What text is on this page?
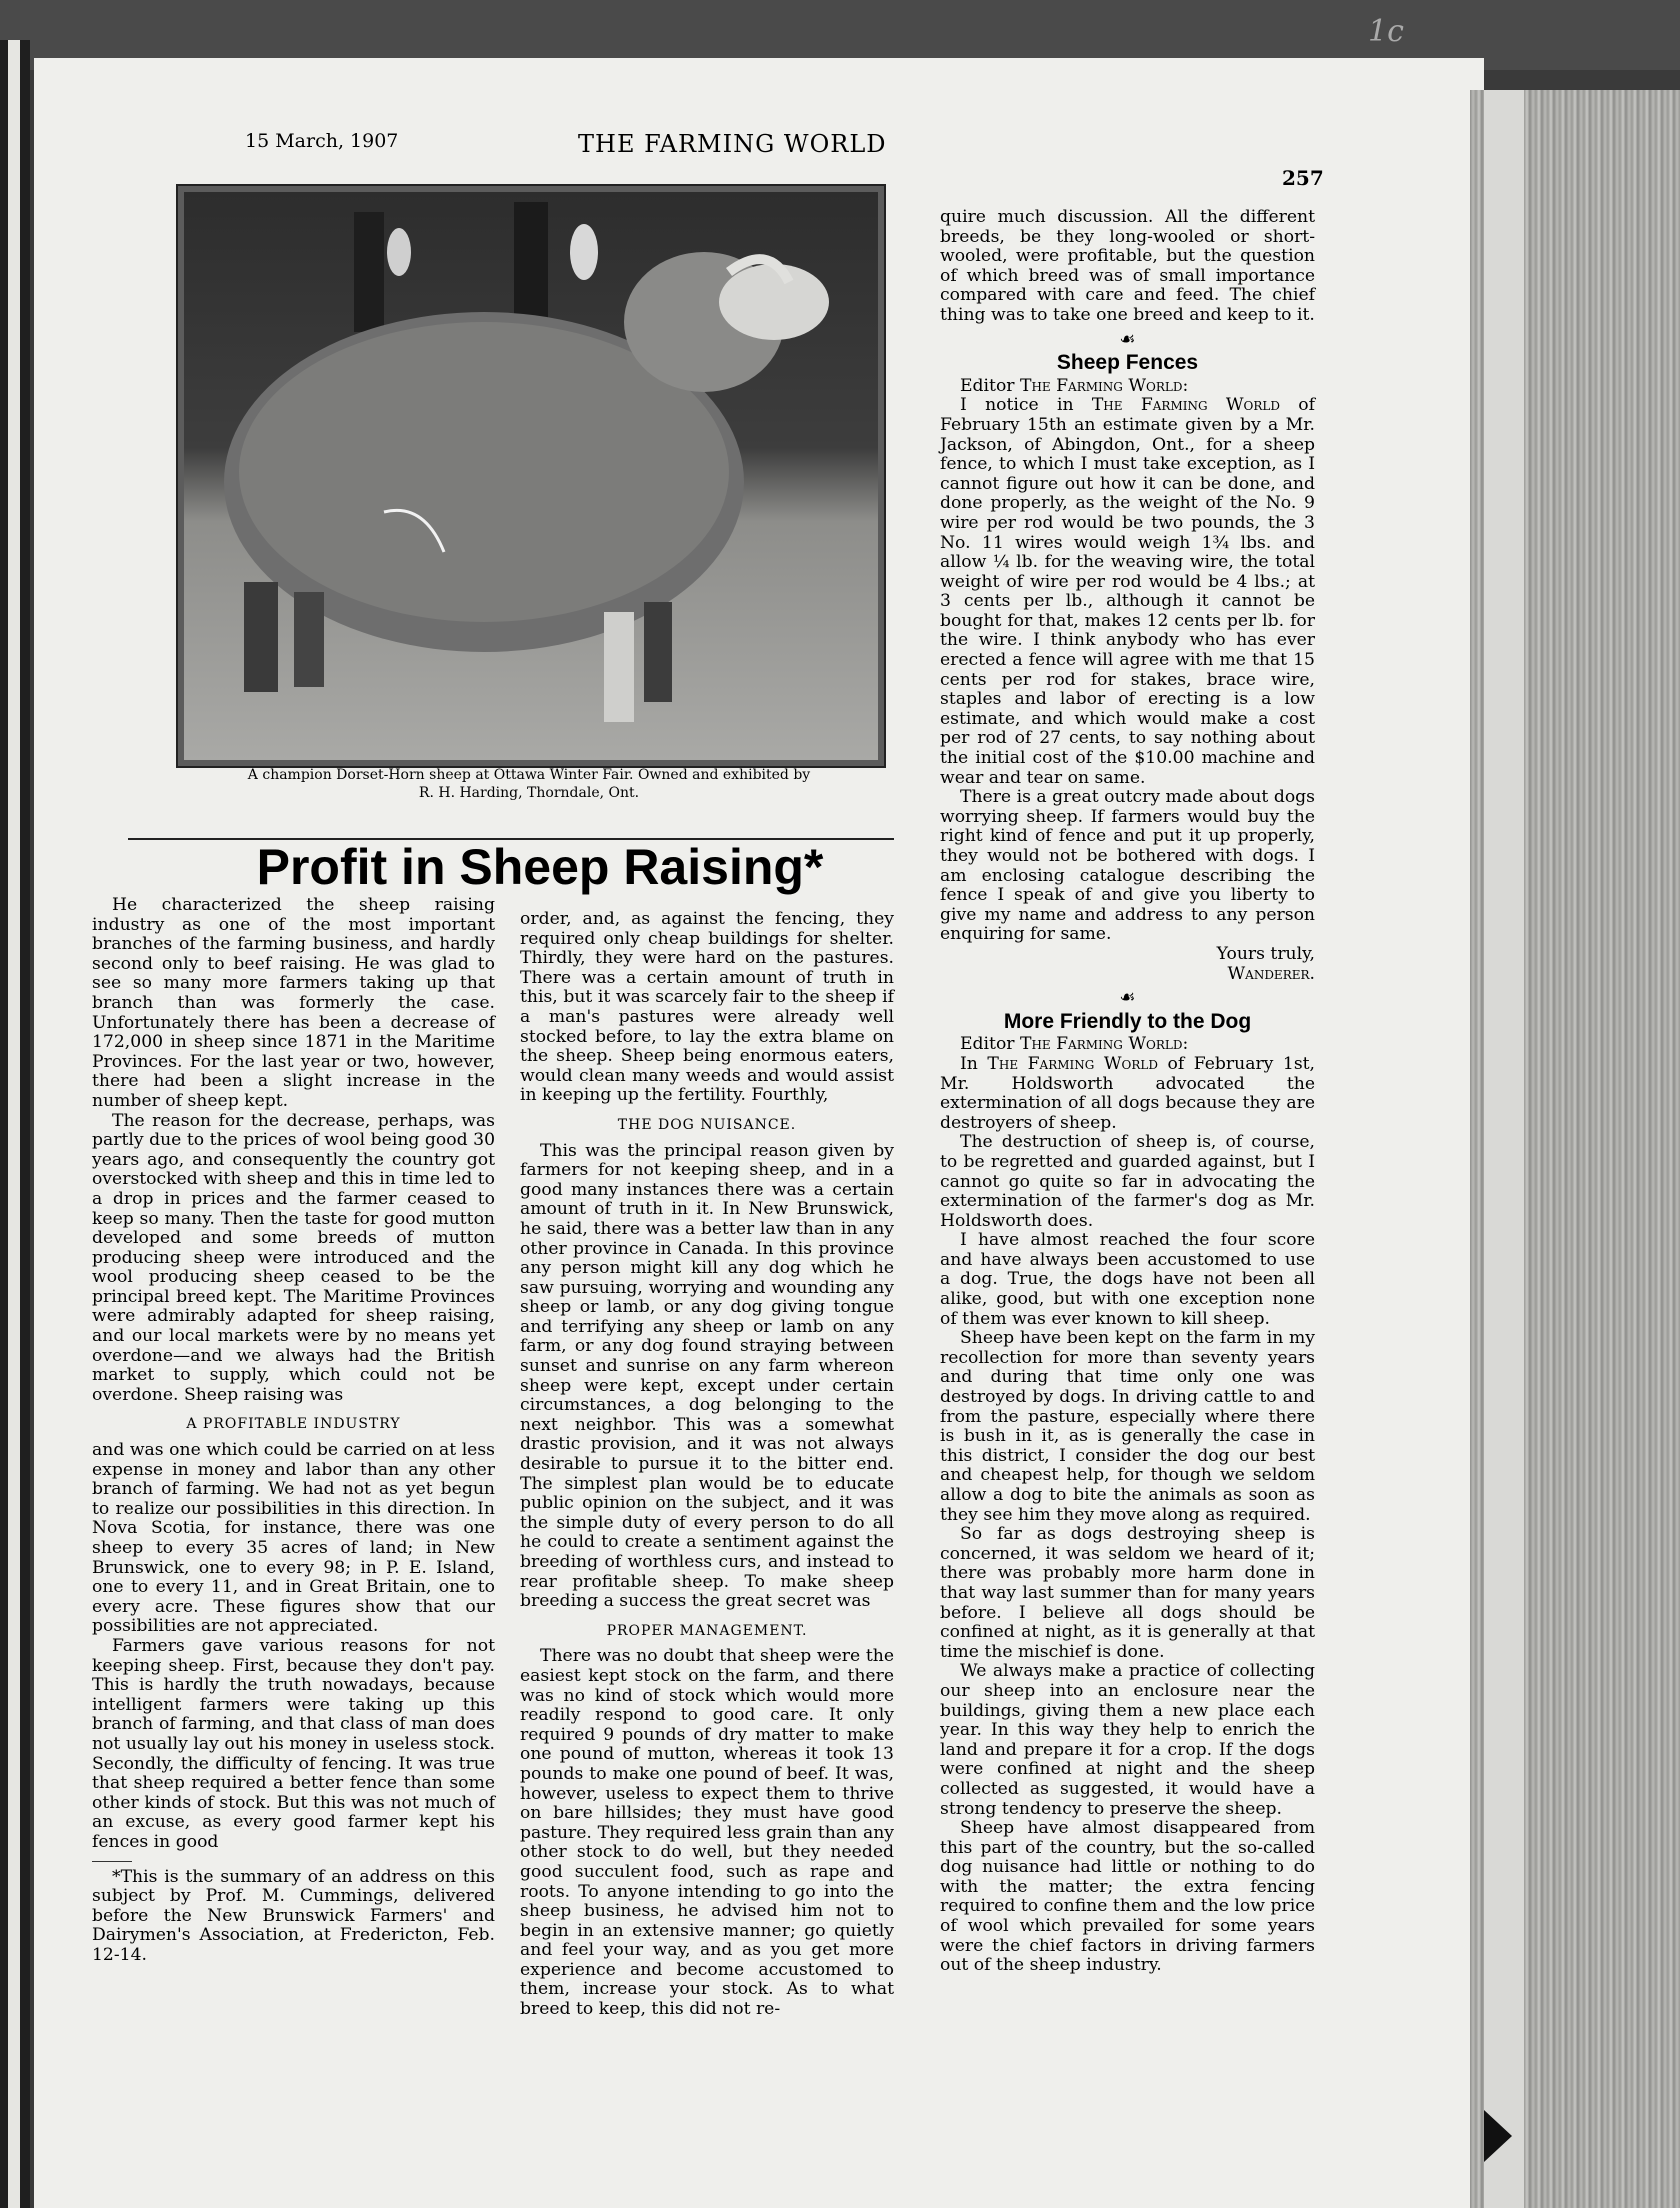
1c
15 March, 1907	THE FARMING WORLD
257
A champion Dorset-Horn sheep at Ottawa Winter Fair. Owned and exhibited by
R. H. Harding, Thorndale, Ont.
Profit in Sheep Raising*

He characterized the sheep raising industry as one of the most important branches of the farming business, and hardly second only to beef raising. He was glad to see so many more farmers taking up that branch than was formerly the case. Unfortunately there has been a decrease of 172,000 in sheep since 1871 in the Maritime Provinces. For the last year or two, however, there had been a slight increase in the number of sheep kept.

The reason for the decrease, perhaps, was partly due to the prices of wool being good 30 years ago, and consequently the country got overstocked with sheep and this in time led to a drop in prices and the farmer ceased to keep so many. Then the taste for good mutton developed and some breeds of mutton producing sheep were introduced and the wool producing sheep ceased to be the principal breed kept. The Maritime Provinces were admirably adapted for sheep raising, and our local markets were by no means yet overdone—and we always had the British market to supply, which could not be overdone. Sheep raising was

A PROFITABLE INDUSTRY

and was one which could be carried on at less expense in money and labor than any other branch of farming. We had not as yet begun to realize our possibilities in this direction. In Nova Scotia, for instance, there was one sheep to every 35 acres of land; in New Brunswick, one to every 98; in P. E. Island, one to every 11, and in Great Britain, one to every acre. These figures show that our possibilities are not appreciated.

Farmers gave various reasons for not keeping sheep. First, because they don't pay. This is hardly the truth nowadays, because intelligent farmers were taking up this branch of farming, and that class of man does not usually lay out his money in useless stock. Secondly, the difficulty of fencing. It was true that sheep required a better fence than some other kinds of stock. But this was not much of an excuse, as every good farmer kept his fences in good

*This is the summary of an address on this subject by Prof. M. Cummings, delivered before the New Brunswick Farmers' and Dairymen's Association, at Fredericton, Feb. 12-14.

order, and, as against the fencing, they required only cheap buildings for shelter. Thirdly, they were hard on the pastures. There was a certain amount of truth in this, but it was scarcely fair to the sheep if a man's pastures were already well stocked before, to lay the extra blame on the sheep. Sheep being enormous eaters, would clean many weeds and would assist in keeping up the fertility. Fourthly,

THE DOG NUISANCE.

This was the principal reason given by farmers for not keeping sheep, and in a good many instances there was a certain amount of truth in it. In New Brunswick, he said, there was a better law than in any other province in Canada. In this province any person might kill any dog which he saw pursuing, worrying and wounding any sheep or lamb, or any dog giving tongue and terrifying any sheep or lamb on any farm, or any dog found straying between sunset and sunrise on any farm whereon sheep were kept, except under certain circumstances, a dog belonging to the next neighbor. This was a somewhat drastic provision, and it was not always desirable to pursue it to the bitter end. The simplest plan would be to educate public opinion on the subject, and it was the simple duty of every person to do all he could to create a sentiment against the breeding of worthless curs, and instead to rear profitable sheep. To make sheep breeding a success the great secret was

PROPER MANAGEMENT.

There was no doubt that sheep were the easiest kept stock on the farm, and there was no kind of stock which would more readily respond to good care. It only required 9 pounds of dry matter to make one pound of mutton, whereas it took 13 pounds to make one pound of beef. It was, however, useless to expect them to thrive on bare hillsides; they must have good pasture. They required less grain than any other stock to do well, but they needed good succulent food, such as rape and roots. To anyone intending to go into the sheep business, he advised him not to begin in an extensive manner; go quietly and feel your way, and as you get more experience and become accustomed to them, increase your stock. As to what breed to keep, this did not re-

quire much discussion. All the different breeds, be they long-wooled or short-wooled, were profitable, but the question of which breed was of small importance compared with care and feed. The chief thing was to take one breed and keep to it.

☙
Sheep Fences

Editor The Farming World:

I notice in The Farming World of February 15th an estimate given by a Mr. Jackson, of Abingdon, Ont., for a sheep fence, to which I must take exception, as I cannot figure out how it can be done, and done properly, as the weight of the No. 9 wire per rod would be two pounds, the 3 No. 11 wires would weigh 1¾ lbs. and allow ¼ lb. for the weaving wire, the total weight of wire per rod would be 4 lbs.; at 3 cents per lb., although it cannot be bought for that, makes 12 cents per lb. for the wire. I think anybody who has ever erected a fence will agree with me that 15 cents per rod for stakes, brace wire, staples and labor of erecting is a low estimate, and which would make a cost per rod of 27 cents, to say nothing about the initial cost of the $10.00 machine and wear and tear on same.

There is a great outcry made about dogs worrying sheep. If farmers would buy the right kind of fence and put it up properly, they would not be bothered with dogs. I am enclosing catalogue describing the fence I speak of and give you liberty to give my name and address to any person enquiring for same.

Yours truly,

Wanderer.

☙
More Friendly to the Dog

Editor The Farming World:

In The Farming World of February 1st, Mr. Holdsworth advocated the extermination of all dogs because they are destroyers of sheep.

The destruction of sheep is, of course, to be regretted and guarded against, but I cannot go quite so far in advocating the extermination of the farmer's dog as Mr. Holdsworth does.

I have almost reached the four score and have always been accustomed to use a dog. True, the dogs have not been all alike, good, but with one exception none of them was ever known to kill sheep.

Sheep have been kept on the farm in my recollection for more than seventy years and during that time only one was destroyed by dogs. In driving cattle to and from the pasture, especially where there is bush in it, as is generally the case in this district, I consider the dog our best and cheapest help, for though we seldom allow a dog to bite the animals as soon as they see him they move along as required.

So far as dogs destroying sheep is concerned, it was seldom we heard of it; there was probably more harm done in that way last summer than for many years before. I believe all dogs should be confined at night, as it is generally at that time the mischief is done.

We always make a practice of collecting our sheep into an enclosure near the buildings, giving them a new place each year. In this way they help to enrich the land and prepare it for a crop. If the dogs were confined at night and the sheep collected as suggested, it would have a strong tendency to preserve the sheep.

Sheep have almost disappeared from this part of the country, but the so-called dog nuisance had little or nothing to do with the matter; the extra fencing required to confine them and the low price of wool which prevailed for some years were the chief factors in driving farmers out of the sheep industry.
